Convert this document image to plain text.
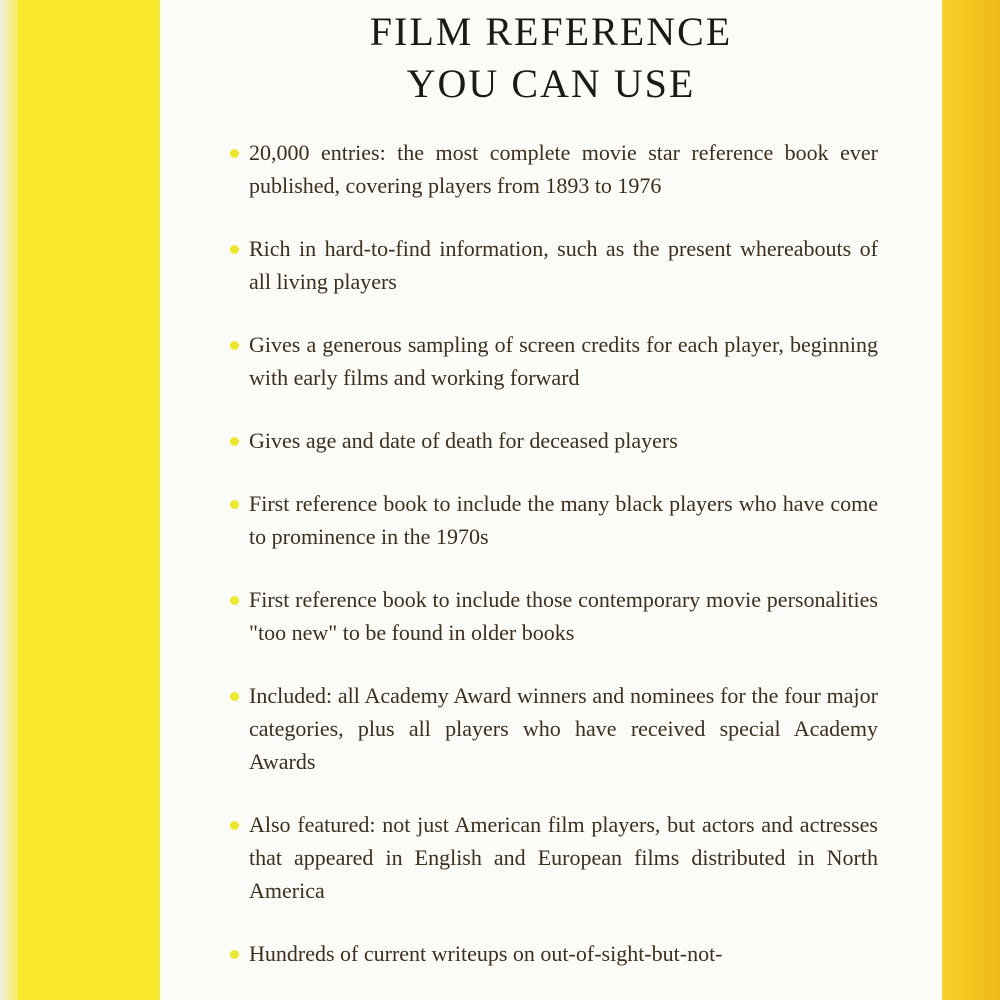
FILM REFERENCE
YOU CAN USE
20,000 entries: the most complete movie star reference book ever published, covering players from 1893 to 1976
Rich in hard-to-find information, such as the present whereabouts of all living players
Gives a generous sampling of screen credits for each player, beginning with early films and working forward
Gives age and date of death for deceased players
First reference book to include the many black players who have come to prominence in the 1970s
First reference book to include those contemporary movie personalities "too new" to be found in older books
Included: all Academy Award winners and nominees for the four major categories, plus all players who have received special Academy Awards
Also featured: not just American film players, but actors and actresses that appeared in English and European films distributed in North America
Hundreds of current writeups on out-of-sight-but-not-
